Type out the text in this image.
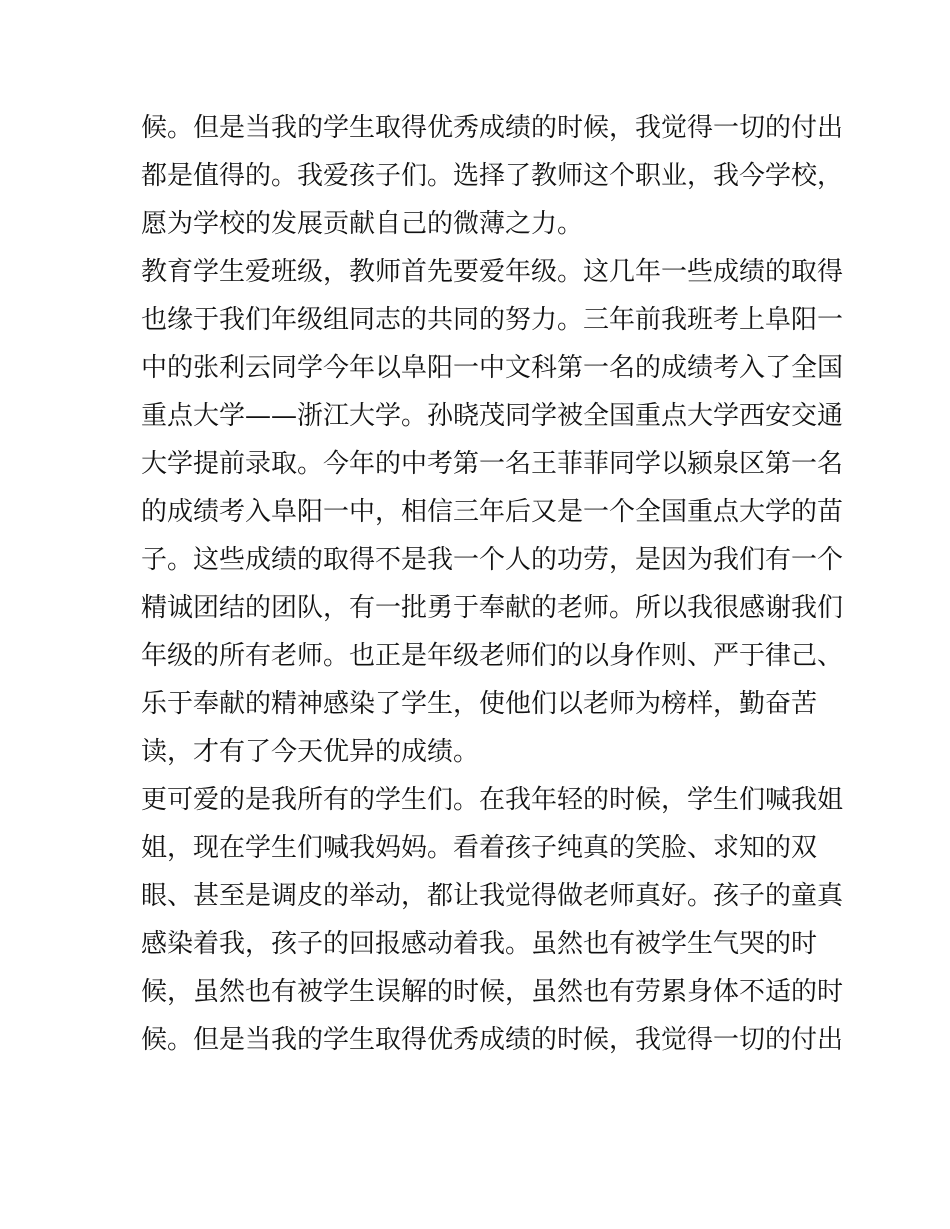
候。但是当我的学生取得优秀成绩的时候，我觉得一切的付出
都是值得的。我爱孩子们。选择了教师这个职业，我今学校，
愿为学校的发展贡献自己的微薄之力。
教育学生爱班级，教师首先要爱年级。这几年一些成绩的取得
也缘于我们年级组同志的共同的努力。三年前我班考上阜阳一
中的张利云同学今年以阜阳一中文科第一名的成绩考入了全国
重点大学——浙江大学。孙晓茂同学被全国重点大学西安交通
大学提前录取。今年的中考第一名王菲菲同学以颍泉区第一名
的成绩考入阜阳一中，相信三年后又是一个全国重点大学的苗
子。这些成绩的取得不是我一个人的功劳，是因为我们有一个
精诚团结的团队，有一批勇于奉献的老师。所以我很感谢我们
年级的所有老师。也正是年级老师们的以身作则、严于律己、
乐于奉献的精神感染了学生，使他们以老师为榜样，勤奋苦
读，才有了今天优异的成绩。
更可爱的是我所有的学生们。在我年轻的时候，学生们喊我姐
姐，现在学生们喊我妈妈。看着孩子纯真的笑脸、求知的双
眼、甚至是调皮的举动，都让我觉得做老师真好。孩子的童真
感染着我，孩子的回报感动着我。虽然也有被学生气哭的时
候，虽然也有被学生误解的时候，虽然也有劳累身体不适的时
候。但是当我的学生取得优秀成绩的时候，我觉得一切的付出
